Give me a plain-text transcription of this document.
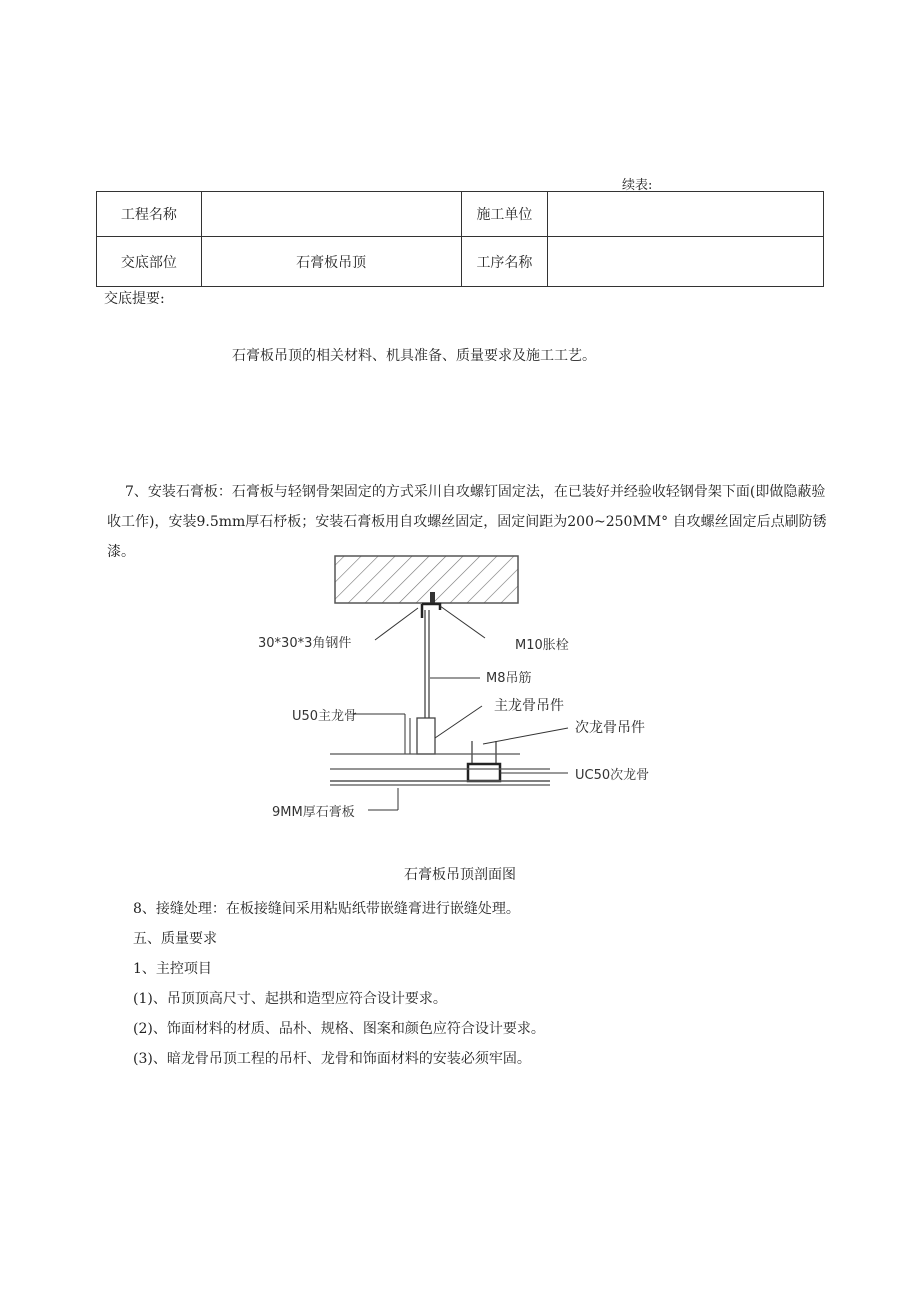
续表:
工程名称		施工单位	
交底部位	石膏板吊顶	工序名称	
交底提要:
石膏板吊顶的相关材料、机具准备、质量要求及施工工艺。
7、安装石膏板：石膏板与轻钢骨架固定的方式采川自攻螺钉固定法，在已装好并经验收轻钢骨架下面(即做隐蔽验收工作)，安装9.5mm厚石杼板；安装石膏板用自攻螺丝固定，固定间距为200~250MM° 自攻螺丝固定后点刷防锈漆。
30*30*3角钢件	M10胀栓
M8吊筋
主龙骨吊件
U50主龙骨
次龙骨吊件
UC50次龙骨
9MM厚石膏板
石膏板吊顶剖面图
8、接缝处理：在板接缝间采用粘贴纸带嵌缝膏进行嵌缝处理。
五、质量要求
1、主控项目
(1)、吊顶顶高尺寸、起拱和造型应符合设计要求。
(2)、饰面材料的材质、品朴、规格、图案和颜色应符合设计要求。
(3)、暗龙骨吊顶工程的吊杆、龙骨和饰面材料的安装必须牢固。
